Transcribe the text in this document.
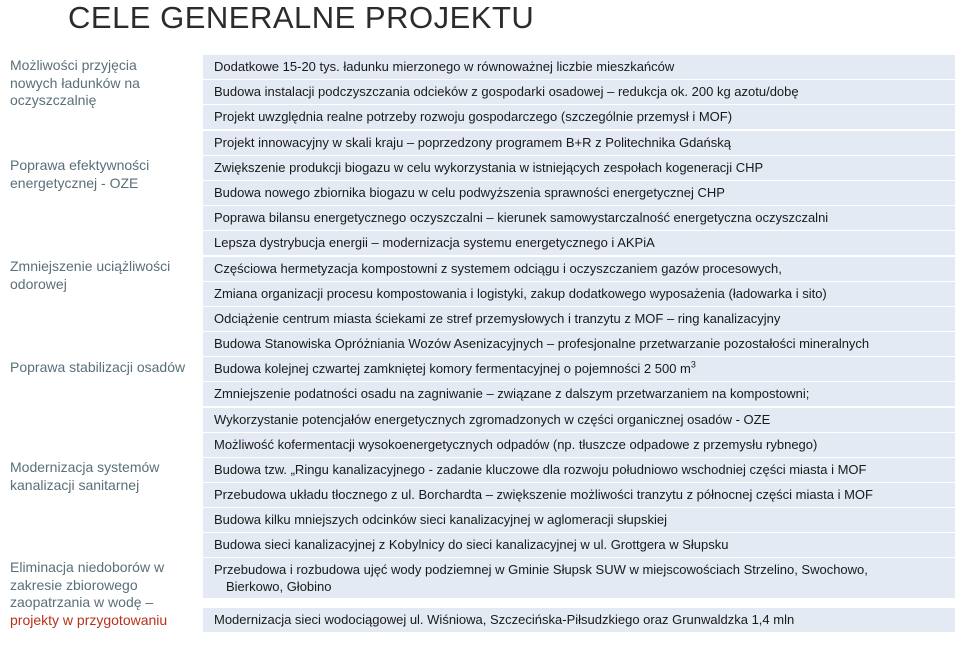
CELE GENERALNE PROJEKTU
Możliwości przyjęcia
nowych ładunków na
oczyszczalnię
Poprawa efektywności
energetycznej - OZE
Zmniejszenie uciążliwości
odorowej
Poprawa stabilizacji osadów
Modernizacja systemów
kanalizacji sanitarnej
Eliminacja niedoborów w
zakresie zbiorowego
zaopatrzania w wodę –
projekty w przygotowaniu
Dodatkowe 15-20 tys. ładunku mierzonego w równoważnej liczbie mieszkańców
Budowa instalacji podczyszczania odcieków z gospodarki osadowej – redukcja ok. 200 kg azotu/dobę
Projekt uwzględnia realne potrzeby rozwoju gospodarczego (szczególnie przemysł i MOF)
Projekt innowacyjny w skali kraju – poprzedzony programem B+R z Politechnika Gdańską
Zwiększenie produkcji biogazu w celu wykorzystania w istniejących zespołach kogeneracji CHP
Budowa nowego zbiornika biogazu w celu podwyższenia sprawności energetycznej CHP
Poprawa bilansu energetycznego oczyszczalni – kierunek samowystarczalność energetyczna oczyszczalni
Lepsza dystrybucja energii – modernizacja systemu energetycznego i AKPiA
Częściowa hermetyzacja kompostowni z systemem odciągu i oczyszczaniem gazów procesowych,
Zmiana organizacji procesu kompostowania i logistyki, zakup dodatkowego wyposażenia (ładowarka i sito)
Odciążenie centrum miasta ściekami ze stref przemysłowych i tranzytu z MOF – ring kanalizacyjny
Budowa Stanowiska Opróżniania Wozów Asenizacyjnych – profesjonalne przetwarzanie pozostałości mineralnych
Budowa kolejnej czwartej zamkniętej komory fermentacyjnej o pojemności 2 500 $m^3$
Zmniejszenie podatności osadu na zagniwanie – związane z dalszym przetwarzaniem na kompostowni;
Wykorzystanie potencjałów energetycznych zgromadzonych w części organicznej osadów - OZE
Możliwość kofermentacji wysokoenergetycznych odpadów (np. tłuszcze odpadowe z przemysłu rybnego)
Budowa tzw. „Ringu kanalizacyjnego - zadanie kluczowe dla rozwoju południowo wschodniej części miasta i MOF
Przebudowa układu tłocznego z ul. Borchardta – zwiększenie możliwości tranzytu z północnej części miasta i MOF
Budowa kilku mniejszych odcinków sieci kanalizacyjnej w aglomeracji słupskiej
Budowa sieci kanalizacyjnej z Kobylnicy do sieci kanalizacyjnej w ul. Grottgera w Słupsku
Przebudowa i rozbudowa ujęć wody podziemnej w Gminie Słupsk SUW w miejscowościach Strzelino, Swochowo,
Bierkowo, Głobino
Modernizacja sieci wodociągowej ul. Wiśniowa, Szczecińska-Piłsudzkiego oraz Grunwaldzka 1,4 mln
